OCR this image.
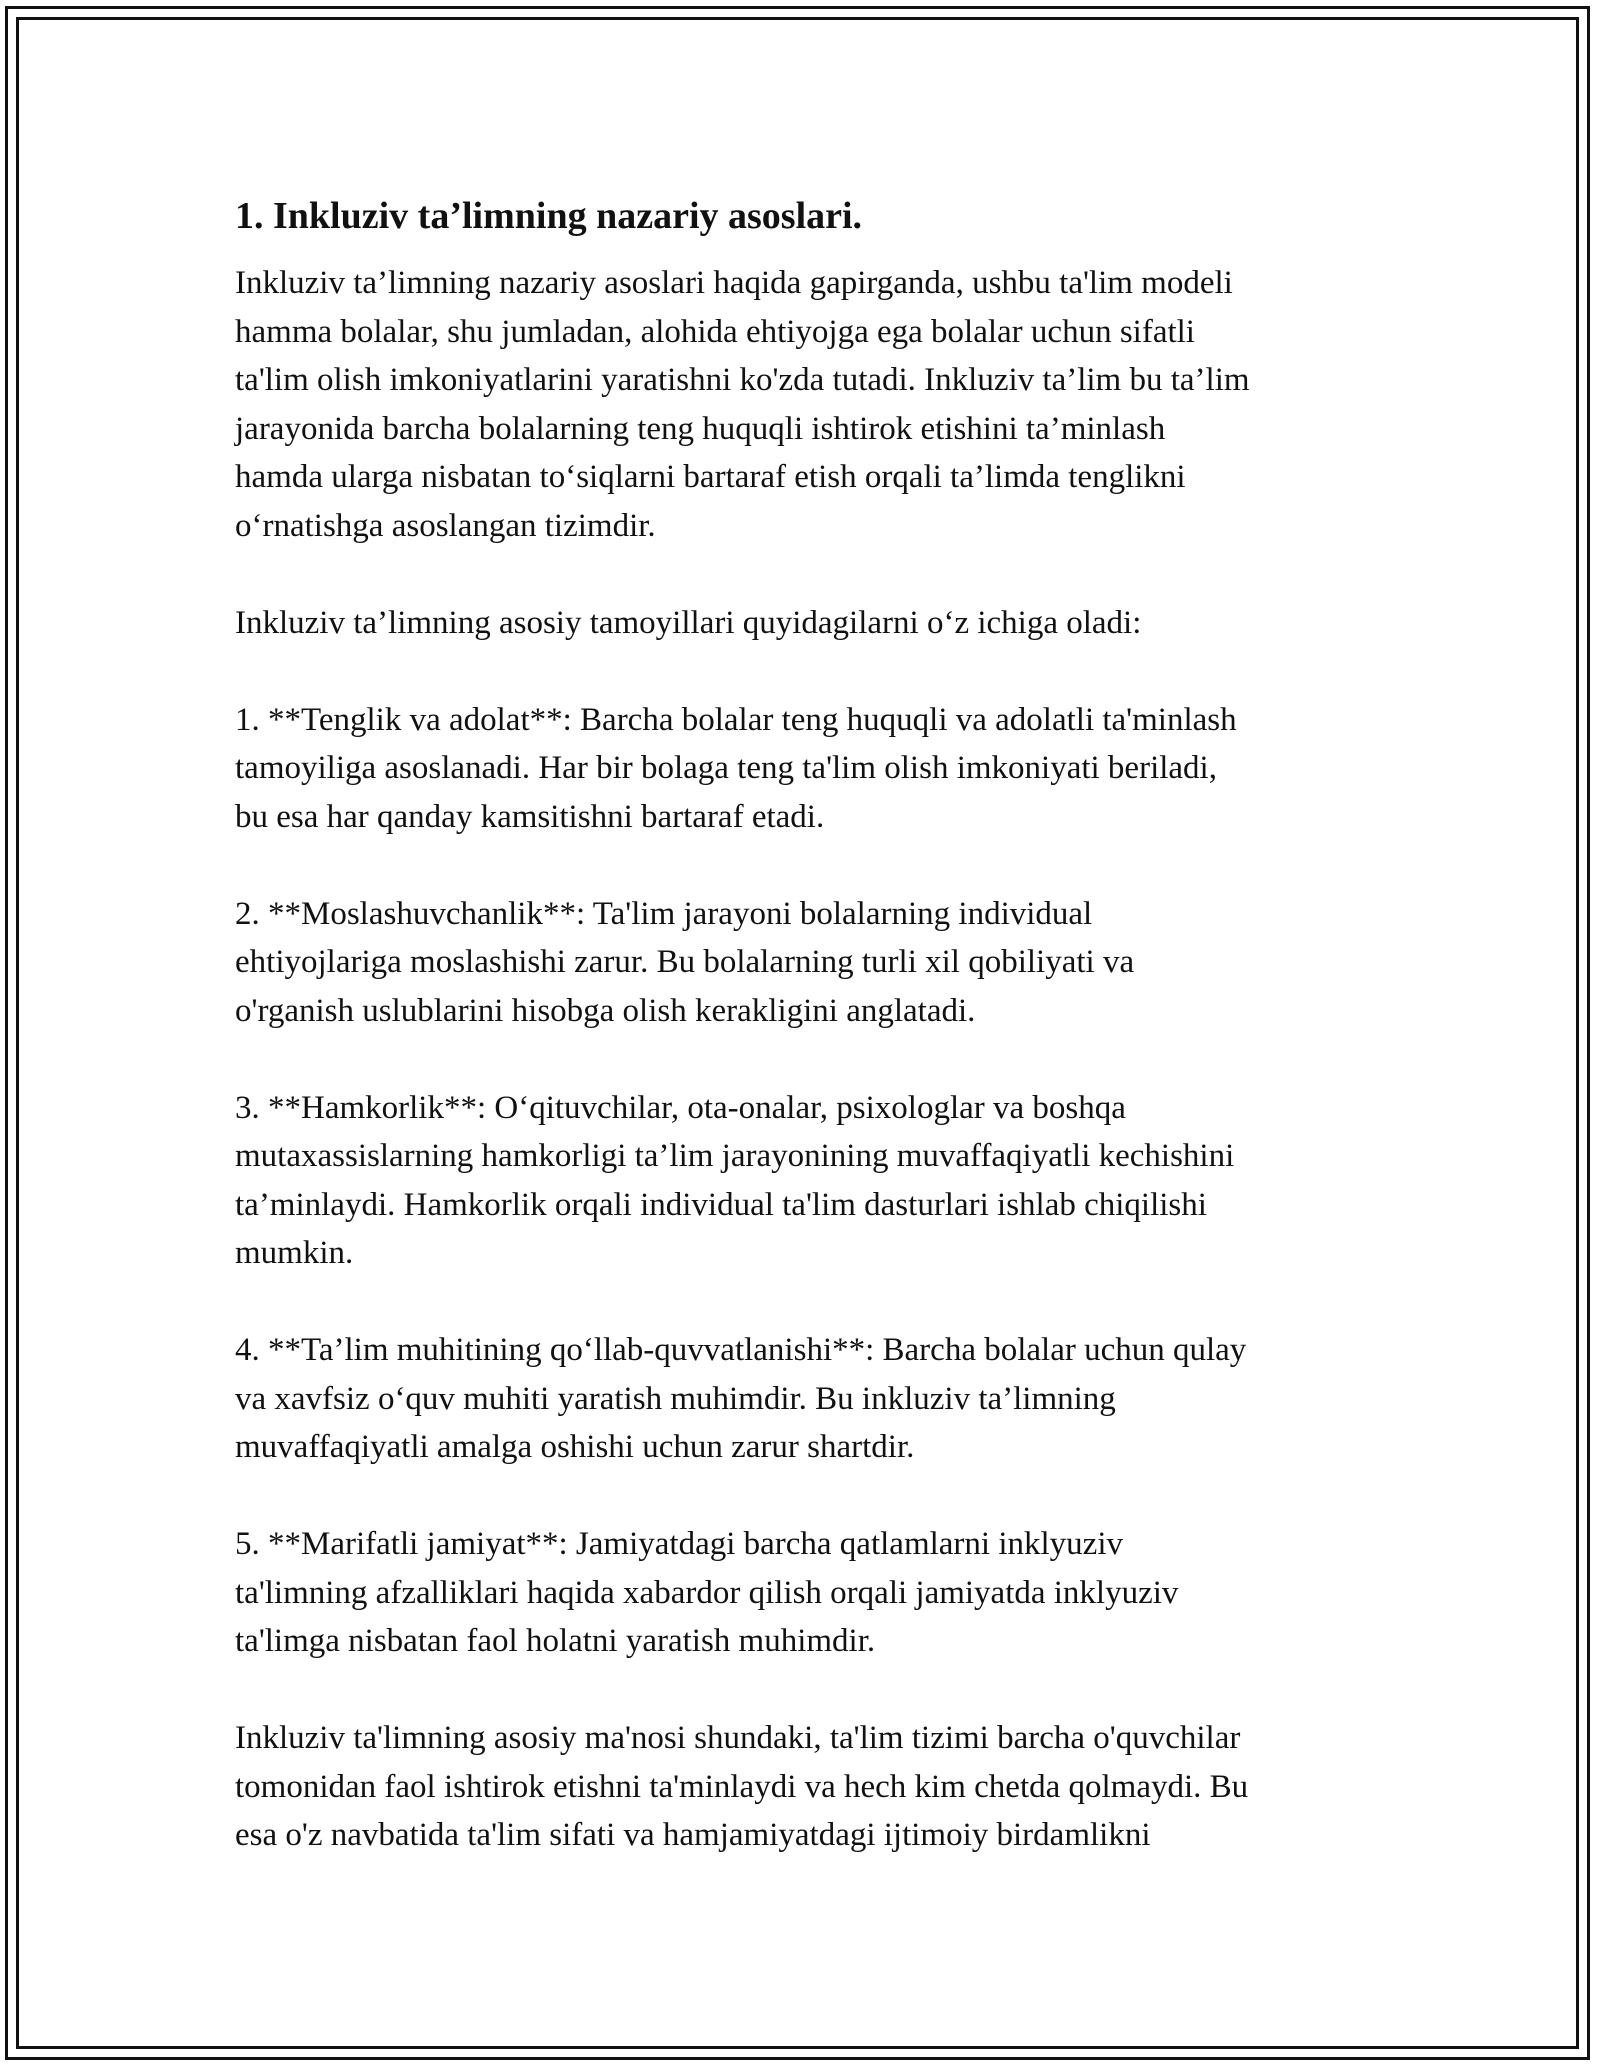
1. Inkluziv ta’limning nazariy asoslari.

Inkluziv ta’limning nazariy asoslari haqida gapirganda, ushbu ta'lim modeli
hamma bolalar, shu jumladan, alohida ehtiyojga ega bolalar uchun sifatli
ta'lim olish imkoniyatlarini yaratishni ko'zda tutadi. Inkluziv ta’lim bu ta’lim
jarayonida barcha bolalarning teng huquqli ishtirok etishini ta’minlash
hamda ularga nisbatan to‘siqlarni bartaraf etish orqali ta’limda tenglikni
o‘rnatishga asoslangan tizimdir.

Inkluziv ta’limning asosiy tamoyillari quyidagilarni o‘z ichiga oladi:

1. **Tenglik va adolat**: Barcha bolalar teng huquqli va adolatli ta'minlash
tamoyiliga asoslanadi. Har bir bolaga teng ta'lim olish imkoniyati beriladi,
bu esa har qanday kamsitishni bartaraf etadi.

2. **Moslashuvchanlik**: Ta'lim jarayoni bolalarning individual
ehtiyojlariga moslashishi zarur. Bu bolalarning turli xil qobiliyati va
o'rganish uslublarini hisobga olish kerakligini anglatadi.

3. **Hamkorlik**: O‘qituvchilar, ota-onalar, psixologlar va boshqa
mutaxassislarning hamkorligi ta’lim jarayonining muvaffaqiyatli kechishini
ta’minlaydi. Hamkorlik orqali individual ta'lim dasturlari ishlab chiqilishi
mumkin.

4. **Ta’lim muhitining qo‘llab-quvvatlanishi**: Barcha bolalar uchun qulay
va xavfsiz o‘quv muhiti yaratish muhimdir. Bu inkluziv ta’limning
muvaffaqiyatli amalga oshishi uchun zarur shartdir.

5. **Marifatli jamiyat**: Jamiyatdagi barcha qatlamlarni inklyuziv
ta'limning afzalliklari haqida xabardor qilish orqali jamiyatda inklyuziv
ta'limga nisbatan faol holatni yaratish muhimdir.

Inkluziv ta'limning asosiy ma'nosi shundaki, ta'lim tizimi barcha o'quvchilar
tomonidan faol ishtirok etishni ta'minlaydi va hech kim chetda qolmaydi. Bu
esa o'z navbatida ta'lim sifati va hamjamiyatdagi ijtimoiy birdamlikni
